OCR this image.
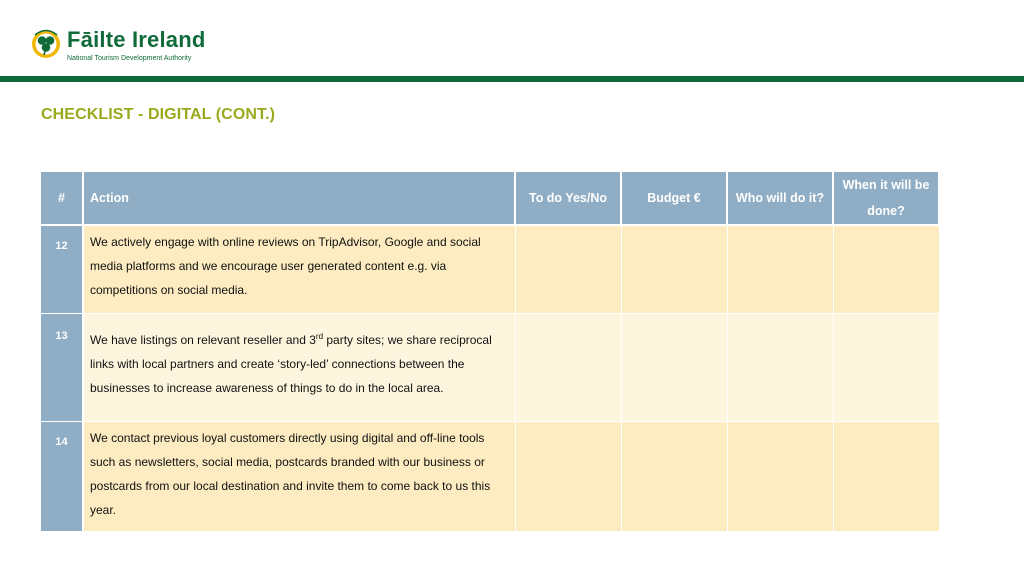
Fāilte Ireland
National Tourism Development Authority
CHECKLIST - DIGITAL (CONT.)
#	Action	To do Yes/No	Budget €	Who will do it?	When it will be done?
12	We actively engage with online reviews on TripAdvisor, Google and social media platforms and we encourage user generated content e.g. via competitions on social media.				
13	We have listings on relevant reseller and 3rd party sites; we share reciprocal links with local partners and create ‘story-led’ connections between the businesses to increase awareness of things to do in the local area.				
14	We contact previous loyal customers directly using digital and off-line tools such as newsletters, social media, postcards branded with our business or postcards from our local destination and invite them to come back to us this year.				
